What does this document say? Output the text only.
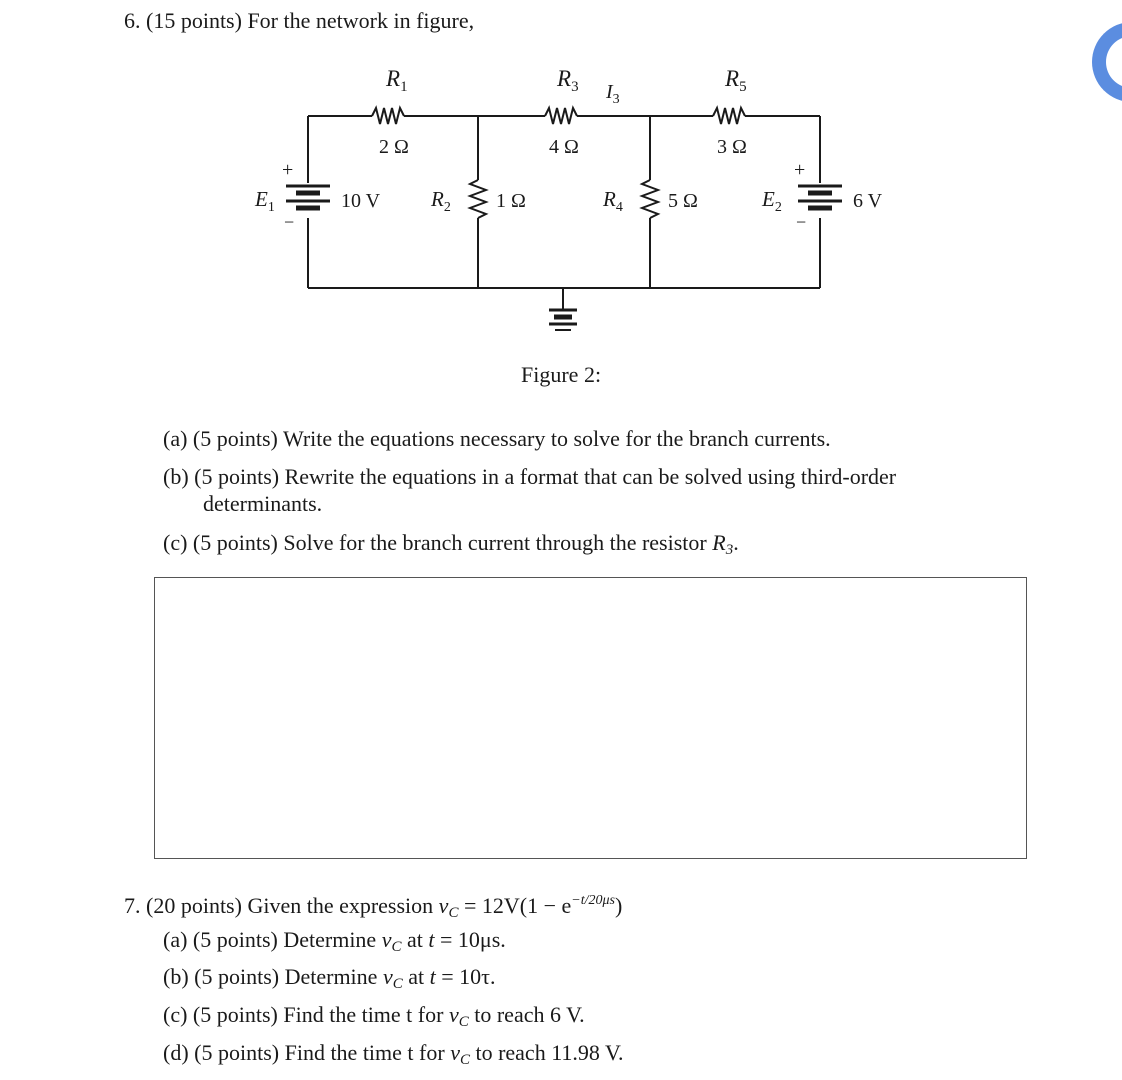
6. (15 points) For the network in figure,
$R_1$
2 Ω
$R_3$
4 Ω
$I_3$
$R_5$
3 Ω
$R_2$ 1 Ω	$R_4$ 5 Ω
$E_1$	10 V
+
−
$E_2$	6 V
+
−
Figure 2:
(a) (5 points) Write the equations necessary to solve for the branch currents.
(b) (5 points) Rewrite the equations in a format that can be solved using third-order
determinants.
(c) (5 points) Solve for the branch current through the resistor $R_3$.
7. (20 points) Given the expression $v_C = 12V(1 - e^{-t/20\mu s})$
(a) (5 points) Determine $v_C$ at t = 10μs.
(b) (5 points) Determine $v_C$ at t = 10τ.
(c) (5 points) Find the time t for $v_C$ to reach 6 V.
(d) (5 points) Find the time t for $v_C$ to reach 11.98 V.
